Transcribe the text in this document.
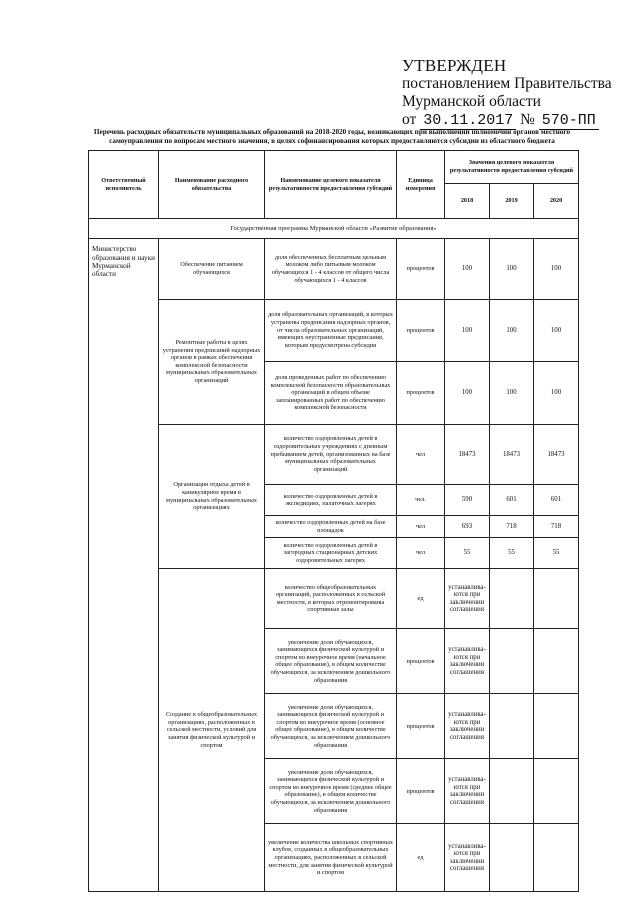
УТВЕРЖДЕН
постановлением Правительства
Мурманской области
от 30.11.2017 № 570-ПП
Перечень расходных обязательств муниципальных образований на 2018-2020 годы, возникающих при выполнении полномочий органов местного самоуправления по вопросам местного значения, в целях софинансирования которых предоставляются субсидии из областного бюджета
Ответственный исполнитель	Наименование расходного обязательства	Наименование целевого показателя результативности предоставления субсидий	Единица измерения	Значения целевого показателя результативности предоставления субсидий		
				2018	2019	2020
Государственная программа Мурманской области «Развитие образования»						
Министерство образования и науки Мурманской области	Обеспечение питанием обучающихся	доля обеспеченных бесплатным цельным молоком либо питьевым молоком обучающихся 1 - 4 классов от общего числа обучающихся 1 - 4 классов	процентов	100	100	100
	Ремонтные работы в целях устранения предписаний надзорных органов в рамках обеспечения комплексной безопасности муниципальных образовательных организаций	доля образовательных организаций, в которых устранены предписания надзорных органов, от числа образовательных организаций, имеющих неустраненные предписания, которым предусмотрена субсидия	процентов	100	100	100
		доля проведенных работ по обеспечению комплексной безопасности образовательных организаций в общем объеме запланированных работ по обеспечению комплексной безопасности	процентов	100	100	100
	Организация отдыха детей в каникулярное время в муниципальных образовательных организациях	количество оздоровленных детей в оздоровительных учреждениях с дневным пребыванием детей, организованных на базе муниципальных образовательных организаций	чел	18473	18473	18473
		количество оздоровленных детей в экспедициях, палаточных лагерях	чел.	590	601	601
		количество оздоровленных детей на базе площадок	чел	693	718	718
		количество оздоровленных детей в загородных стационарных детских оздоровительных лагерях	чел	55	55	55
	Создание в общеобразовательных организациях, расположенных в сельской местности, условий для занятия физической культурой и спортом	количество общеобразовательных организаций, расположенных в сельской местности, в которых отремонтированы спортивные залы	ед	устанавлива-ются при заключении соглашения		
		увеличение доли обучающихся, занимающихся физической культурой и спортом во внеурочное время (начальное общее образование), в общем количестве обучающихся, за исключением дошкольного образования	процентов	устанавлива-ются при заключении соглашения		
		увеличение доли обучающихся, занимающихся физической культурой и спортом во внеурочное время (основное общее образование), в общем количестве обучающихся, за исключением дошкольного образования	процентов	устанавлива-ются при заключении соглашения		
		увеличение доли обучающихся, занимающихся физической культурой и спортом во внеурочное время (среднее общее образование), в общем количестве обучающихся, за исключением дошкольного образования	процентов	устанавлива-ются при заключении соглашения		
		увеличение количества школьных спортивных клубов, созданных в общеобразовательных организациях, расположенных в сельской местности, для занятия физической культурой и спортом	ед	устанавлива-ются при заключении соглашения		
